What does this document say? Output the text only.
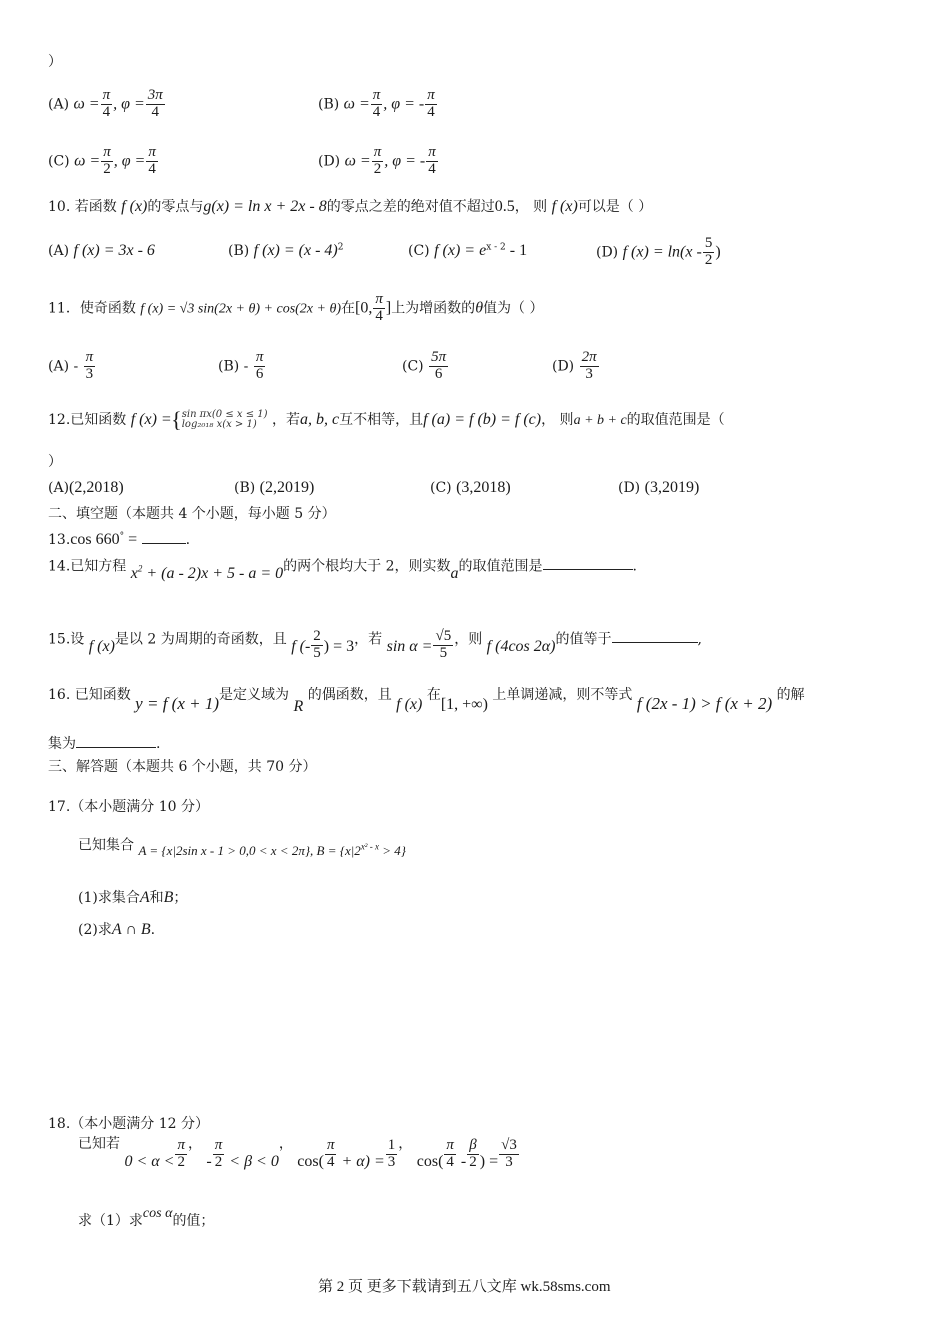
）
(A) $\omega = \frac{\pi}{4}$ , $\varphi = \frac{3\pi}{4}$	(B) $\omega = \frac{\pi}{4}$ , φ = - $\frac{\pi}{4}$
(C) $\omega = \frac{\pi}{2}$ , $\varphi = \frac{\pi}{4}$	(D) $\omega = \frac{\pi}{2}$ , φ = - $\frac{\pi}{4}$
10. 若函数 f (x)的零点与g(x) = ln x + 2x - 8的零点之差的绝对值不超过0.5， 则 f (x)可以是（ ）
(A) f (x) = 3x - 6	(B) f (x) = (x - 4)$^2$	(C) f $(x) = e^{x - 2} - 1$	(D) f $(x) = \ln(x - \frac{5}{2}$ )
11．使奇函数 f (x) = √3 sin(2x + θ) + cos(2x + θ)在[0, $\frac{\pi}{4}$ ]上为增函数的θ值为（ ）
$(A) - \frac{\pi}{3}$	$(B) - \frac{\pi}{6}$	$(C) \frac{5\pi}{6}$	$(D) \frac{2\pi}{3}$
12.已知函数 f (x) = { sin πx(0 ≤ x ≤ 1)
log₂₀₁₈ x(x > 1)	，若a, b, c互不相等，且f (a) = f (b) = f (c)， 则a + b + c的取值范围是（
）
(A)(2,2018)	(B) (2,2019)	(C) (3,2018)	(D) (3,2019)
二、填空题（本题共 4 个小题，每小题 5 分）
13.cos 660° =	.
14.已知方程 $x^2 + (a - 2)x + 5 - a = 0$的两个根均大于 2，则实数a的取值范围是	.
15.设 f (x)是以 2 为周期的奇函数，且 f (- $\frac{2}{5}$ ) = 3，若 $\sin \alpha = \frac{√5}{5}$ ，则 f (4cos 2α)的值等于	,
16. 已知函数 y = f (x + 1)是定义域为 R 的偶函数，且 f (x) 在[1, +∞) 上单调递减，则不等式 f (2x - 1) > f (x + 2) 的解
集为	.
三、解答题（本题共 6 个小题，共 70 分）
17.（本小题满分 10 分）
已知集合 A = {x|2sin x - 1 > 0,0 < x < 2π}, $B = \{x|2^{x^2 - x} > 4\}$
(1)求集合A和B；
(2)求A ∩ B.
18.（本小题满分 12 分）
已知若 $0 < \alpha < \frac{\pi}{2}$ ， - $\frac{\pi}{2} < \beta < 0$， $\cos( \frac{\pi}{4} + \alpha) = \frac{1}{3}$ ， $\cos( \frac{\pi}{4} - \frac{\beta}{2}$ ) = $\frac{√3}{3}$
求（1）求cos α的值；
第 2 页 更多下载请到五八文库 wk.58sms.com
